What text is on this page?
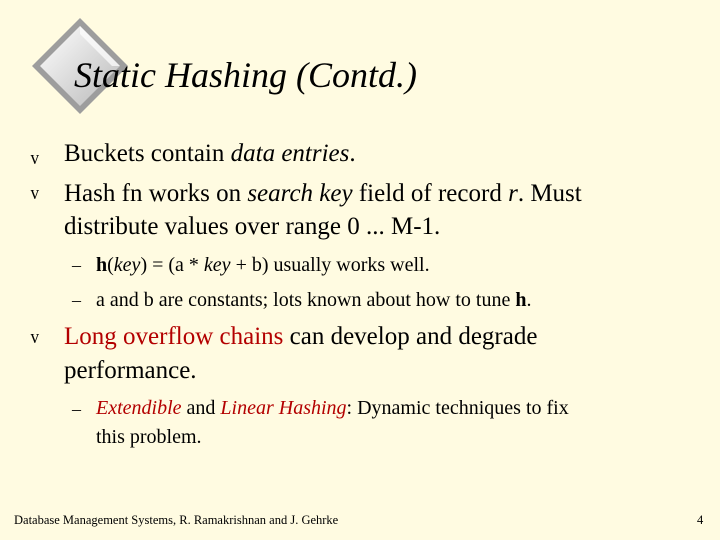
Static Hashing (Contd.)
v Buckets contain data entries.
v Hash fn works on search key field of record r. Must
distribute values over range 0 ... M-1.
– h(key) = (a * key + b) usually works well.
– a and b are constants; lots known about how to tune h.
v Long overflow chains can develop and degrade
performance.
– Extendible and Linear Hashing: Dynamic techniques to fix
this problem.
Database Management Systems, R. Ramakrishnan and J. Gehrke	4
